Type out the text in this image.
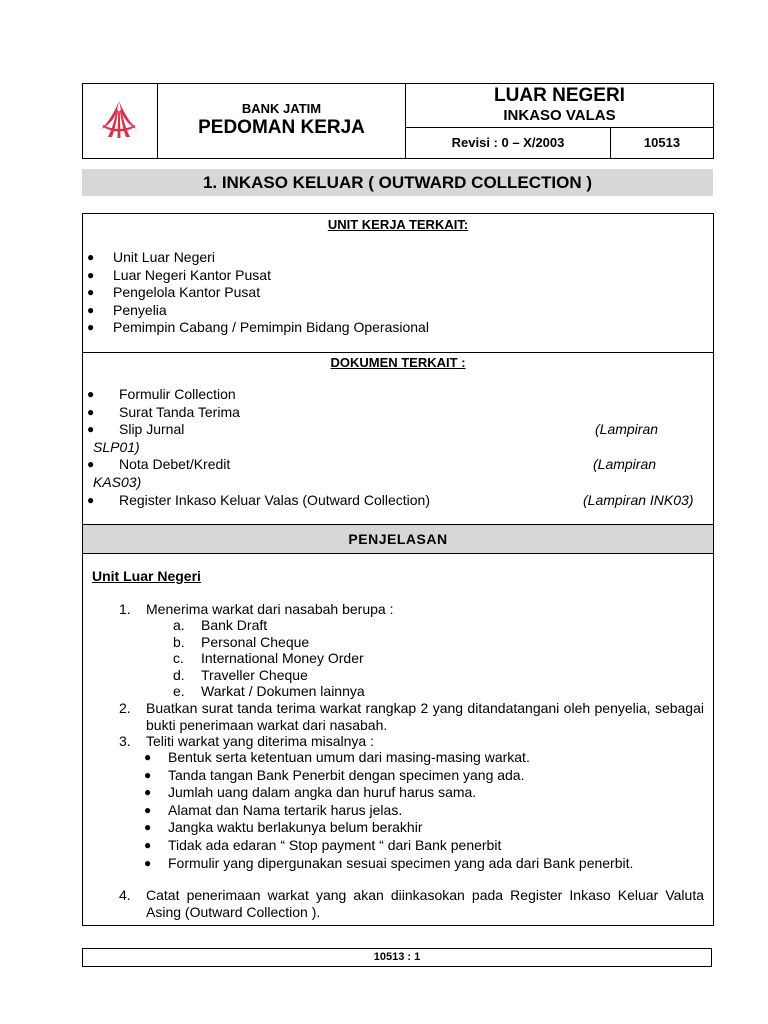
BANK JATIM
PEDOMAN KERJA
LUAR NEGERI
INKASO VALAS
Revisi : 0 – X/2003	10513
1. INKASO KELUAR ( OUTWARD COLLECTION )
UNIT KERJA TERKAIT:
● Unit Luar Negeri
● Luar Negeri Kantor Pusat
● Pengelola Kantor Pusat
● Penyelia
● Pemimpin Cabang / Pemimpin Bidang Operasional
DOKUMEN TERKAIT :
● Formulir Collection
● Surat Tanda Terima
● Slip Jurnal	(Lampiran
SLP01)
● Nota Debet/Kredit	(Lampiran
KAS03)
● Register Inkaso Keluar Valas (Outward Collection)	(Lampiran INK03)
PENJELASAN
Unit Luar Negeri
1. Menerima warkat dari nasabah berupa :
a. Bank Draft
b. Personal Cheque
c. International Money Order
d. Traveller Cheque
e. Warkat / Dokumen lainnya
2. Buatkan surat tanda terima warkat rangkap 2 yang ditandatangani oleh penyelia, sebagai bukti penerimaan warkat dari nasabah.
3. Teliti warkat yang diterima misalnya :
● Bentuk serta ketentuan umum dari masing-masing warkat.
● Tanda tangan Bank Penerbit dengan specimen yang ada.
● Jumlah uang dalam angka dan huruf harus sama.
● Alamat dan Nama tertarik harus jelas.
● Jangka waktu berlakunya belum berakhir
● Tidak ada edaran “ Stop payment “ dari Bank penerbit
● Formulir yang dipergunakan sesuai specimen yang ada dari Bank penerbit.
4. Catat penerimaan warkat yang akan diinkasokan pada Register Inkaso Keluar Valuta Asing (Outward Collection ).
10513 : 1
